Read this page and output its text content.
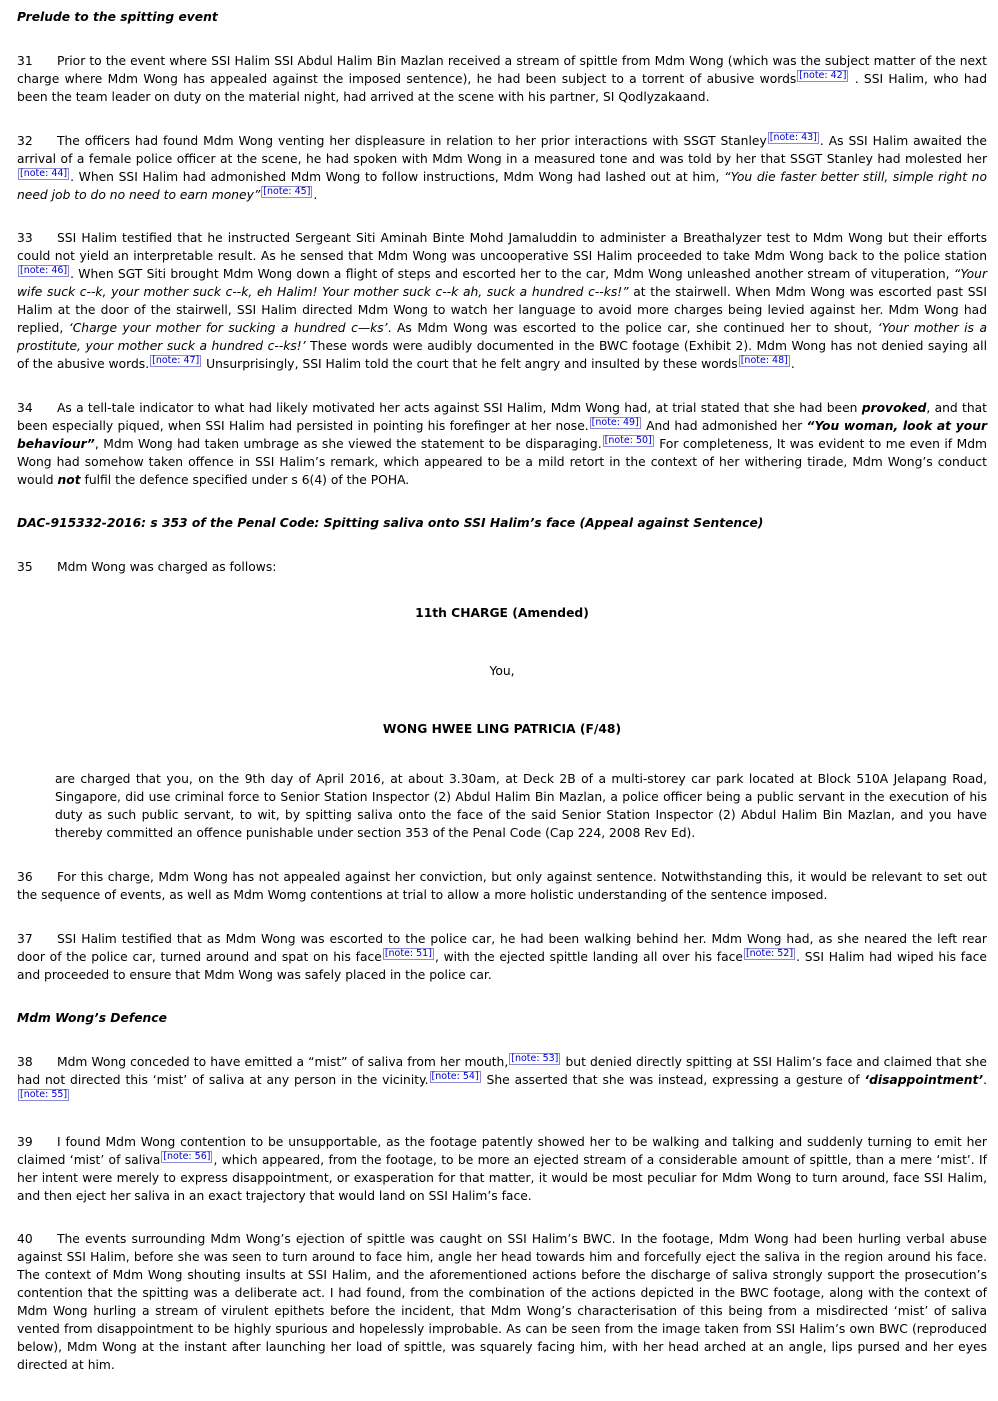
Prelude to the spitting event

31 Prior to the event where SSI Halim SSI Abdul Halim Bin Mazlan received a stream of spittle from Mdm Wong (which was the subject matter of the next charge where Mdm Wong has appealed against the imposed sentence), he had been subject to a torrent of abusive words [note: 42] . SSI Halim, who had been the team leader on duty on the material night, had arrived at the scene with his partner, SI Qodlyzakaand.

32 The officers had found Mdm Wong venting her displeasure in relation to her prior interactions with SSGT Stanley [note: 43] . As SSI Halim awaited the arrival of a female police officer at the scene, he had spoken with Mdm Wong in a measured tone and was told by her that SSGT Stanley had molested her[note: 44] . When SSI Halim had admonished Mdm Wong to follow instructions, Mdm Wong had lashed out at him, “You die faster better still, simple right no need job to do no need to earn money” [note: 45] .

33 SSI Halim testified that he instructed Sergeant Siti Aminah Binte Mohd Jamaluddin to administer a Breathalyzer test to Mdm Wong but their efforts could not yield an interpretable result. As he sensed that Mdm Wong was uncooperative SSI Halim proceeded to take Mdm Wong back to the police station[note: 46] . When SGT Siti brought Mdm Wong down a flight of steps and escorted her to the car, Mdm Wong unleashed another stream of vituperation, “Your wife suck c--k, your mother suck c--k, eh Halim! Your mother suck c--k ah, suck a hundred c--ks!” at the stairwell. When Mdm Wong was escorted past SSI Halim at the door of the stairwell, SSI Halim directed Mdm Wong to watch her language to avoid more charges being levied against her. Mdm Wong had replied, ‘Charge your mother for sucking a hundred c—ks’. As Mdm Wong was escorted to the police car, she continued her to shout, ‘Your mother is a prostitute, your mother suck a hundred c--ks!’ These words were audibly documented in the BWC footage (Exhibit 2). Mdm Wong has not denied saying all of the abusive words. [note: 47] Unsurprisingly, SSI Halim told the court that he felt angry and insulted by these words [note: 48] .

34 As a tell-tale indicator to what had likely motivated her acts against SSI Halim, Mdm Wong had, at trial stated that she had been provoked, and that been especially piqued, when SSI Halim had persisted in pointing his forefinger at her nose. [note: 49] And had admonished her “You woman, look at your behaviour”, Mdm Wong had taken umbrage as she viewed the statement to be disparaging. [note: 50] For completeness, It was evident to me even if Mdm Wong had somehow taken offence in SSI Halim’s remark, which appeared to be a mild retort in the context of her withering tirade, Mdm Wong’s conduct would not fulfil the defence specified under s 6(4) of the POHA.

DAC-915332-2016: s 353 of the Penal Code: Spitting saliva onto SSI Halim’s face (Appeal against Sentence)

35 Mdm Wong was charged as follows:

11th CHARGE (Amended)

You,

WONG HWEE LING PATRICIA (F/48)

are charged that you, on the 9th day of April 2016, at about 3.30am, at Deck 2B of a multi-storey car park located at Block 510A Jelapang Road, Singapore, did use criminal force to Senior Station Inspector (2) Abdul Halim Bin Mazlan, a police officer being a public servant in the execution of his duty as such public servant, to wit, by spitting saliva onto the face of the said Senior Station Inspector (2) Abdul Halim Bin Mazlan, and you have thereby committed an offence punishable under section 353 of the Penal Code (Cap 224, 2008 Rev Ed).

36 For this charge, Mdm Wong has not appealed against her conviction, but only against sentence. Notwithstanding this, it would be relevant to set out the sequence of events, as well as Mdm Womg contentions at trial to allow a more holistic understanding of the sentence imposed.

37 SSI Halim testified that as Mdm Wong was escorted to the police car, he had been walking behind her. Mdm Wong had, as she neared the left rear door of the police car, turned around and spat on his face [note: 51] , with the ejected spittle landing all over his face [note: 52] . SSI Halim had wiped his face and proceeded to ensure that Mdm Wong was safely placed in the police car.

Mdm Wong’s Defence

38 Mdm Wong conceded to have emitted a “mist” of saliva from her mouth, [note: 53] but denied directly spitting at SSI Halim’s face and claimed that she had not directed this ‘mist’ of saliva at any person in the vicinity. [note: 54] She asserted that she was instead, expressing a gesture of ‘disappointment’. [note: 55]

39 I found Mdm Wong contention to be unsupportable, as the footage patently showed her to be walking and talking and suddenly turning to emit her claimed ‘mist’ of saliva [note: 56] , which appeared, from the footage, to be more an ejected stream of a considerable amount of spittle, than a mere ‘mist’. If her intent were merely to express disappointment, or exasperation for that matter, it would be most peculiar for Mdm Wong to turn around, face SSI Halim, and then eject her saliva in an exact trajectory that would land on SSI Halim’s face.

40 The events surrounding Mdm Wong’s ejection of spittle was caught on SSI Halim’s BWC. In the footage, Mdm Wong had been hurling verbal abuse against SSI Halim, before she was seen to turn around to face him, angle her head towards him and forcefully eject the saliva in the region around his face. The context of Mdm Wong shouting insults at SSI Halim, and the aforementioned actions before the discharge of saliva strongly support the prosecution’s contention that the spitting was a deliberate act. I had found, from the combination of the actions depicted in the BWC footage, along with the context of Mdm Wong hurling a stream of virulent epithets before the incident, that Mdm Wong’s characterisation of this being from a misdirected ‘mist’ of saliva vented from disappointment to be highly spurious and hopelessly improbable. As can be seen from the image taken from SSI Halim’s own BWC (reproduced below), Mdm Wong at the instant after launching her load of spittle, was squarely facing him, with her head arched at an angle, lips pursed and her eyes directed at him.
